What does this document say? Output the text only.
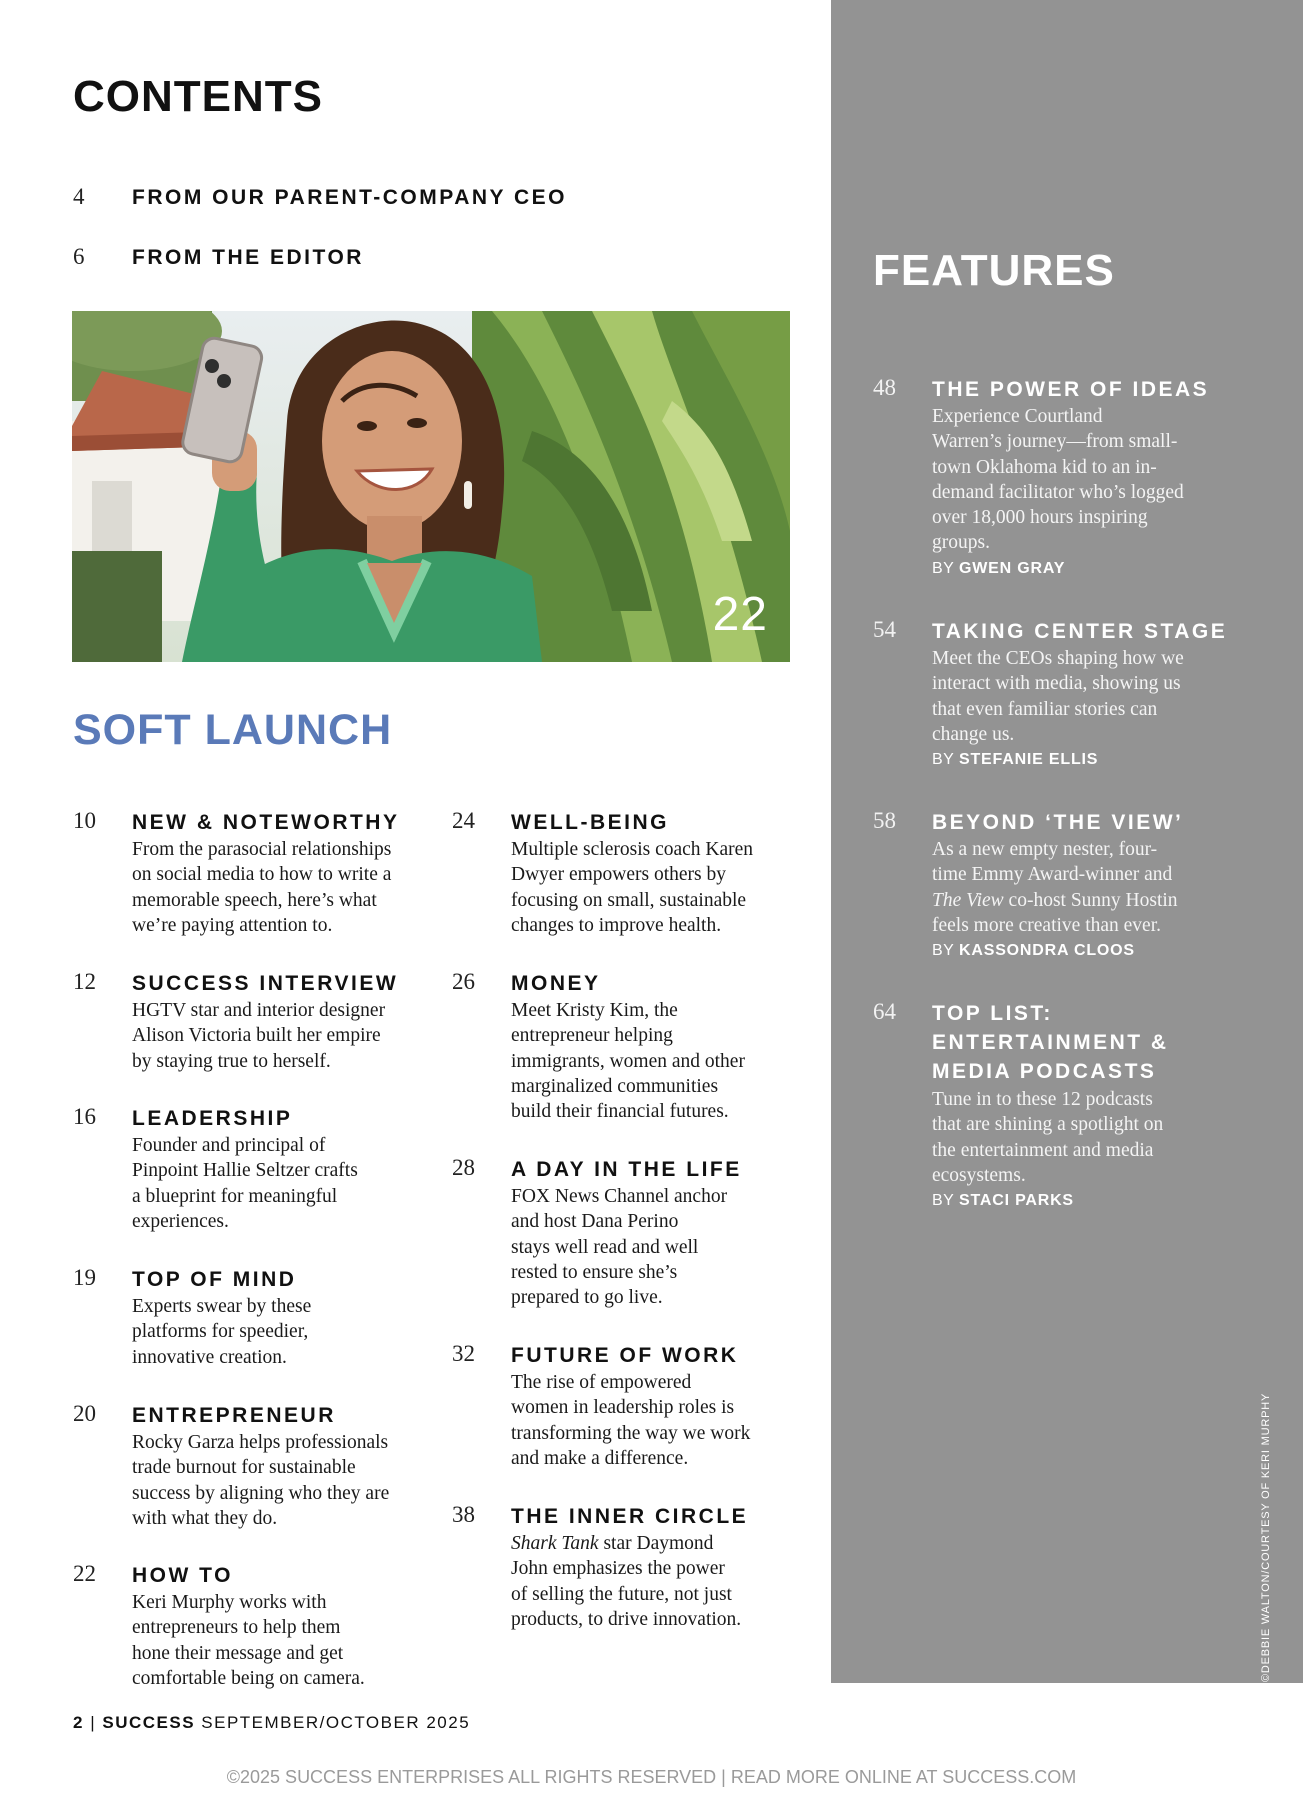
CONTENTS
4 FROM OUR PARENT-COMPANY CEO
6 FROM THE EDITOR
22
SOFT LAUNCH
10 NEW & NOTEWORTHY
From the parasocial relationships
on social media to how to write a
memorable speech, here’s what
we’re paying attention to.
12 SUCCESS INTERVIEW
HGTV star and interior designer
Alison Victoria built her empire
by staying true to herself.
16 LEADERSHIP
Founder and principal of
Pinpoint Hallie Seltzer crafts
a blueprint for meaningful
experiences.
19 TOP OF MIND
Experts swear by these
platforms for speedier,
innovative creation.
20 ENTREPRENEUR
Rocky Garza helps professionals
trade burnout for sustainable
success by aligning who they are
with what they do.
22 HOW TO
Keri Murphy works with
entrepreneurs to help them
hone their message and get
comfortable being on camera.
24 WELL-BEING
Multiple sclerosis coach Karen
Dwyer empowers others by
focusing on small, sustainable
changes to improve health.
26 MONEY
Meet Kristy Kim, the
entrepreneur helping
immigrants, women and other
marginalized communities
build their financial futures.
28 A DAY IN THE LIFE
FOX News Channel anchor
and host Dana Perino
stays well read and well
rested to ensure she’s
prepared to go live.
32 FUTURE OF WORK
The rise of empowered
women in leadership roles is
transforming the way we work
and make a difference.
38 THE INNER CIRCLE
Shark Tank star Daymond
John emphasizes the power
of selling the future, not just
products, to drive innovation.
FEATURES
48 THE POWER OF IDEAS
Experience Courtland
Warren’s journey—from small-
town Oklahoma kid to an in-
demand facilitator who’s logged
over 18,000 hours inspiring
groups.
BY GWEN GRAY
54 TAKING CENTER STAGE
Meet the CEOs shaping how we
interact with media, showing us
that even familiar stories can
change us.
BY STEFANIE ELLIS
58 BEYOND ‘THE VIEW’
As a new empty nester, four-
time Emmy Award-winner and
The View co-host Sunny Hostin
feels more creative than ever.
BY KASSONDRA CLOOS
64 TOP LIST:
ENTERTAINMENT &
MEDIA PODCASTS
Tune in to these 12 podcasts
that are shining a spotlight on
the entertainment and media
ecosystems.
BY STACI PARKS
©DEBBIE WALTON/COURTESY OF KERI MURPHY
2 | SUCCESS SEPTEMBER/OCTOBER 2025
©2025 SUCCESS ENTERPRISES ALL RIGHTS RESERVED | READ MORE ONLINE AT SUCCESS.COM
